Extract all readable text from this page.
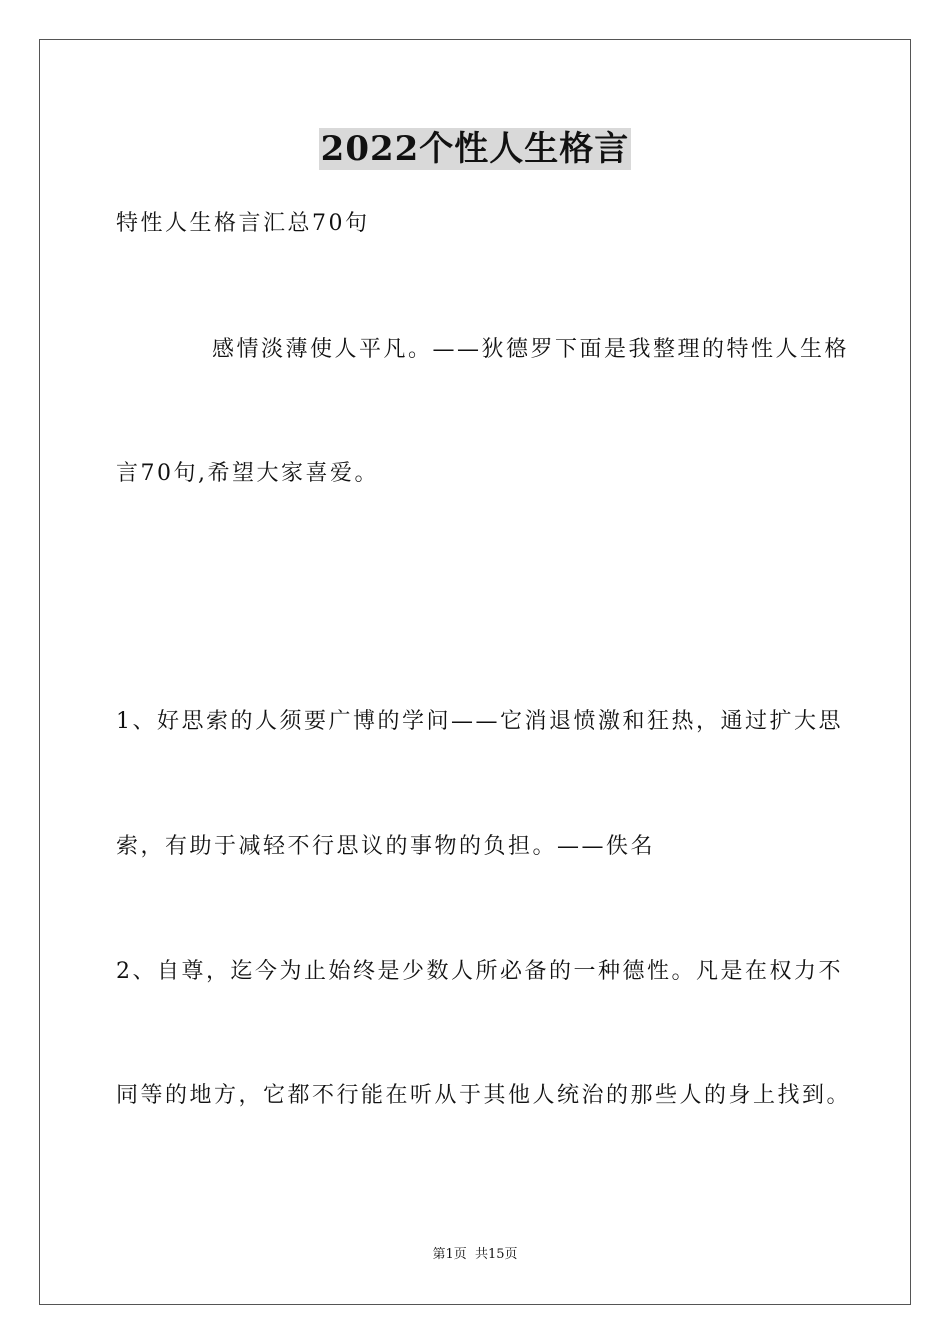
2022个性人生格言
特性人生格言汇总70句
感情淡薄使人平凡。——狄德罗下面是我整理的特性人生格
言70句,希望大家喜爱。
1、好思索的人须要广博的学问——它消退愤激和狂热，通过扩大思
索，有助于减轻不行思议的事物的负担。——佚名
2、自尊，迄今为止始终是少数人所必备的一种德性。凡是在权力不
同等的地方，它都不行能在听从于其他人统治的那些人的身上找到。
第1页 共15页
